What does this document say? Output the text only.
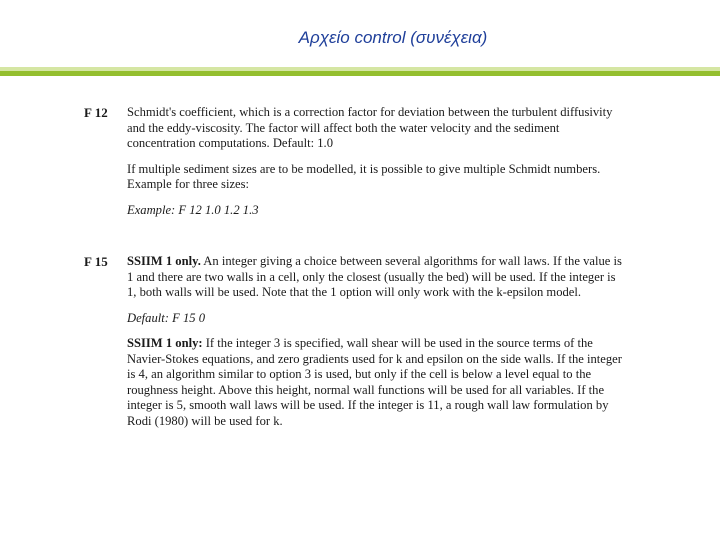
Αρχείο control (συνέχεια)
F 12	Schmidt's coefficient, which is a correction factor for deviation between the turbulent diffusivity and the eddy-viscosity. The factor will affect both the water velocity and the sediment concentration computations. Default: 1.0

If multiple sediment sizes are to be modelled, it is possible to give multiple Schmidt numbers. Example for three sizes:

Example: F 12 1.0 1.2 1.3

F 15	SSIIM 1 only. An integer giving a choice between several algorithms for wall laws. If the value is 1 and there are two walls in a cell, only the closest (usually the bed) will be used. If the integer is 1, both walls will be used. Note that the 1 option will only work with the k-epsilon model.

Default: F 15 0

SSIIM 1 only: If the integer 3 is specified, wall shear will be used in the source terms of the Navier-Stokes equations, and zero gradients used for k and epsilon on the side walls. If the integer is 4, an algorithm similar to option 3 is used, but only if the cell is below a level equal to the roughness height. Above this height, normal wall functions will be used for all variables. If the integer is 5, smooth wall laws will be used. If the integer is 11, a rough wall law formulation by Rodi (1980) will be used for k.
